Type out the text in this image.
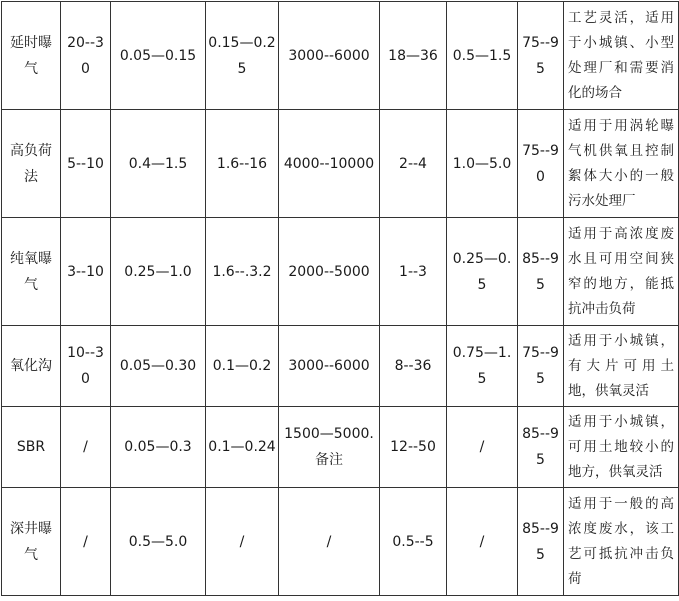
延时曝气	20--30	0.05—0.15	0.15—0.25	3000--6000	18—36	0.5—1.5	75--95	工艺灵活，适用于小城镇、小型处理厂和需要消化的场合
高负荷法	5--10	0.4—1.5	1.6--16	4000--10000	2--4	1.0—5.0	75--90	适用于用涡轮曝气机供氧且控制絮体大小的一般污水处理厂
纯氧曝气	3--10	0.25—1.0	1.6--.3.2	2000--5000	1--3	0.25—0.5	85--95	适用于高浓度废水且可用空间狭窄的地方，能抵抗冲击负荷
氧化沟	10--30	0.05—0.30	0.1—0.2	3000--6000	8--36	0.75—1.5	75--95	适用于小城镇，有大片可用土地，供氧灵活
SBR	/	0.05—0.3	0.1—0.24	1500—5000.备注	12--50	/	85--95	适用于小城镇，可用土地较小的地方，供氧灵活
深井曝气	/	0.5—5.0	/	/	0.5--5	/	85--95	适用于一般的高浓度废水，该工艺可抵抗冲击负荷
